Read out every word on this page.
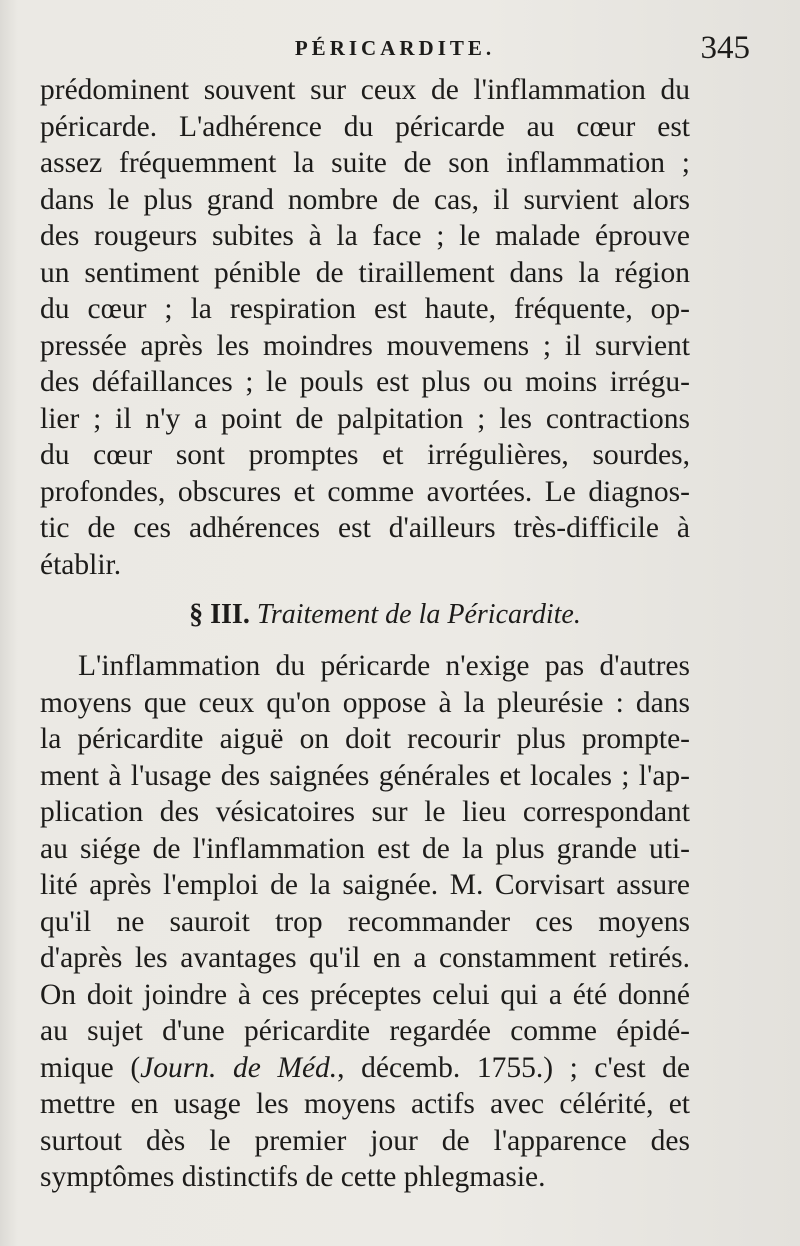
PÉRICARDITE.	345
prédominent souvent sur ceux de l'inflammation du
péricarde. L'adhérence du péricarde au cœur est
assez fréquemment la suite de son inflammation ;
dans le plus grand nombre de cas, il survient alors
des rougeurs subites à la face ; le malade éprouve
un sentiment pénible de tiraillement dans la région
du cœur ; la respiration est haute, fréquente, op-
pressée après les moindres mouvemens ; il survient
des défaillances ; le pouls est plus ou moins irrégu-
lier ; il n'y a point de palpitation ; les contractions
du cœur sont promptes et irrégulières, sourdes,
profondes, obscures et comme avortées. Le diagnos-
tic de ces adhérences est d'ailleurs très-difficile à
établir.
§ III. Traitement de la Péricardite.
L'inflammation du péricarde n'exige pas d'autres
moyens que ceux qu'on oppose à la pleurésie : dans
la péricardite aiguë on doit recourir plus prompte-
ment à l'usage des saignées générales et locales ; l'ap-
plication des vésicatoires sur le lieu correspondant
au siége de l'inflammation est de la plus grande uti-
lité après l'emploi de la saignée. M. Corvisart assure
qu'il ne sauroit trop recommander ces moyens
d'après les avantages qu'il en a constamment retirés.
On doit joindre à ces préceptes celui qui a été donné
au sujet d'une péricardite regardée comme épidé-
mique (Journ. de Méd., décemb. 1755.) ; c'est de
mettre en usage les moyens actifs avec célérité, et
surtout dès le premier jour de l'apparence des
symptômes distinctifs de cette phlegmasie.
